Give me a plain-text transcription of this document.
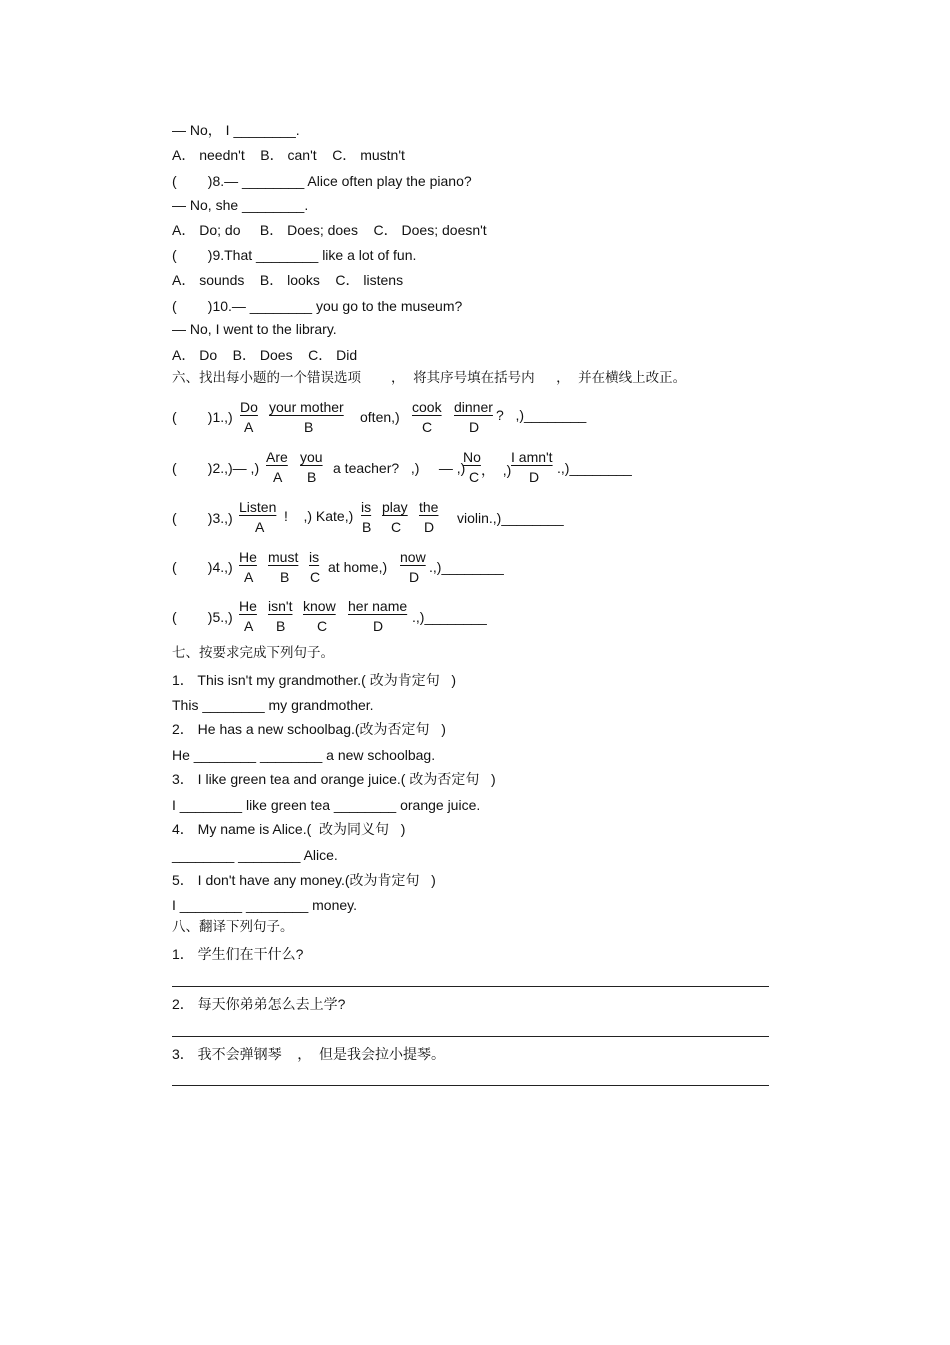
— No， I ________.
A． needn't    B． can't    C． mustn't
(        )8.— ________ Alice often play the piano?
— No, she ________.
A． Do; do     B． Does; does    C． Does; doesn't
(        )9.That ________ like a lot of fun.
A． sounds    B． looks    C． listens
(        )10.— ________ you go to the museum?
— No, I went to the library.
A． Do    B． Does    C． Did
六、找出每小题的一个错误选项       ，  将其序号填在括号内     ，  并在横线上改正。
(        )1.,)
Do
A
your mother
B
often,)
cook
C
dinner
D
?   ,)________
(        )2.,)— ,)
Are
A
you
B
a teacher?   ,)     — ,)
No
C ，  ,)
I amn't
D
.,)________
(        )3.,)
Listen
A
!    ,) Kate,)
is
B
play
C
the
D
violin.,)________
(        )4.,)
He
A
must
B
is
C
at home,)
now
D
.,)________
(        )5.,)
He
A
isn't
B
know
C
her name
D
.,)________
七、按要求完成下列句子。
1． This isn't my grandmother.( 改为肯定句   )
This ________ my grandmother.
2． He has a new schoolbag.(改为否定句   )
He ________ ________ a new schoolbag.
3． I like green tea and orange juice.( 改为否定句   )
I ________ like green tea ________ orange juice.
4． My name is Alice.(  改为同义句   )
________ ________ Alice.
5． I don't have any money.(改为肯定句   )
I ________ ________ money.
八、翻译下列句子。
1． 学生们在干什么?
2． 每天你弟弟怎么去上学?
3． 我不会弹钢琴    ，  但是我会拉小提琴。
